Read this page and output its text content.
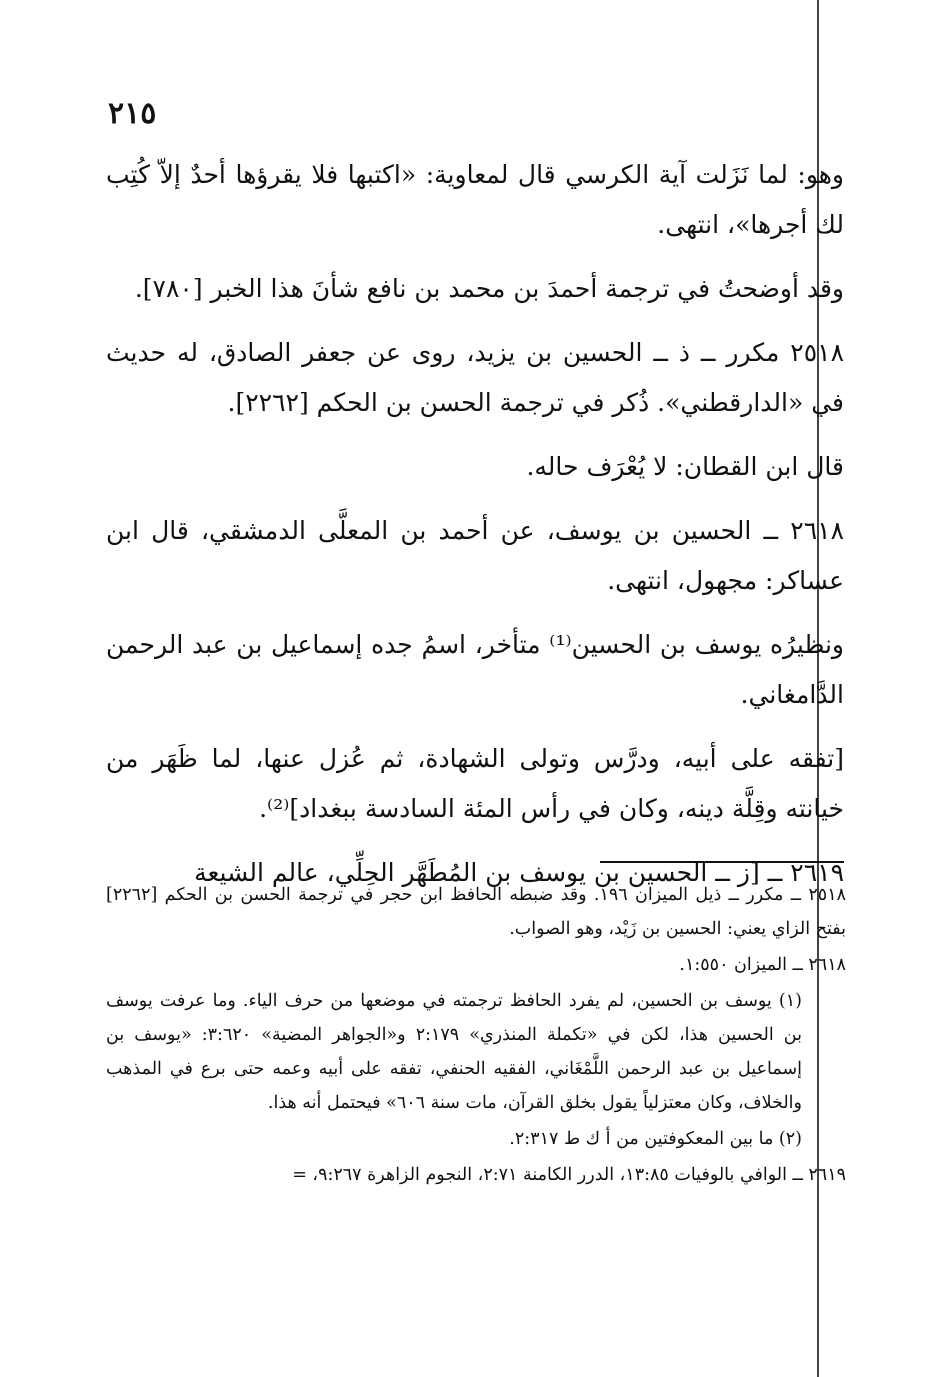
٢١٥

وهو: لما نَزَلت آية الكرسي قال لمعاوية: «اكتبها فلا يقرؤها أحدٌ إلاّ كُتِب لك أجرها»، انتهى.

وقد أوضحتُ في ترجمة أحمدَ بن محمد بن نافع شأنَ هذا الخبر [٧٨٠].

٢٥١٨ مكرر ــ ذ ــ الحسين بن يزيد، روى عن جعفر الصادق، له حديث في «الدارقطني». ذُكر في ترجمة الحسن بن الحكم [٢٢٦٢].

قال ابن القطان: لا يُعْرَف حاله.

٢٦١٨ ــ الحسين بن يوسف، عن أحمد بن المعلَّى الدمشقي، قال ابن عساكر: مجهول، انتهى.

ونظيرُه يوسف بن الحسين⁽¹⁾ متأخر، اسمُ جده إسماعيل بن عبد الرحمن الدَّامغاني.

[تفقه على أبيه، ودرَّس وتولى الشهادة، ثم عُزل عنها، لما ظَهَر من خيانته وقِلَّة دينه، وكان في رأس المئة السادسة ببغداد]⁽²⁾.

٢٦١٩ ــ [ز ــ الحسين بن يوسف بن المُطَهَّر الحِلِّي، عالم الشيعة

٢٥١٨ ــ مكرر ــ ذيل الميزان ١٩٦. وقد ضبطه الحافظ ابن حجر في ترجمة الحسن بن الحكم [٢٢٦٢] بفتح الزاي يعني: الحسين بن زَيْد، وهو الصواب.

٢٦١٨ ــ الميزان ١:٥٥٠.

(١) يوسف بن الحسين، لم يفرد الحافظ ترجمته في موضعها من حرف الياء. وما عرفت يوسف بن الحسين هذا، لكن في «تكملة المنذري» ٢:١٧٩ و«الجواهر المضية» ٣:٦٢٠: «يوسف بن إسماعيل بن عبد الرحمن اللَّمْغَاني، الفقيه الحنفي، تفقه على أبيه وعمه حتى برع في المذهب والخلاف، وكان معتزلياً يقول بخلق القرآن، مات سنة ٦٠٦» فيحتمل أنه هذا.

(٢) ما بين المعكوفتين من أ ك ط ٢:٣١٧.

٢٦١٩ ــ الوافي بالوفيات ١٣:٨٥، الدرر الكامنة ٢:٧١، النجوم الزاهرة ٩:٢٦٧، =
